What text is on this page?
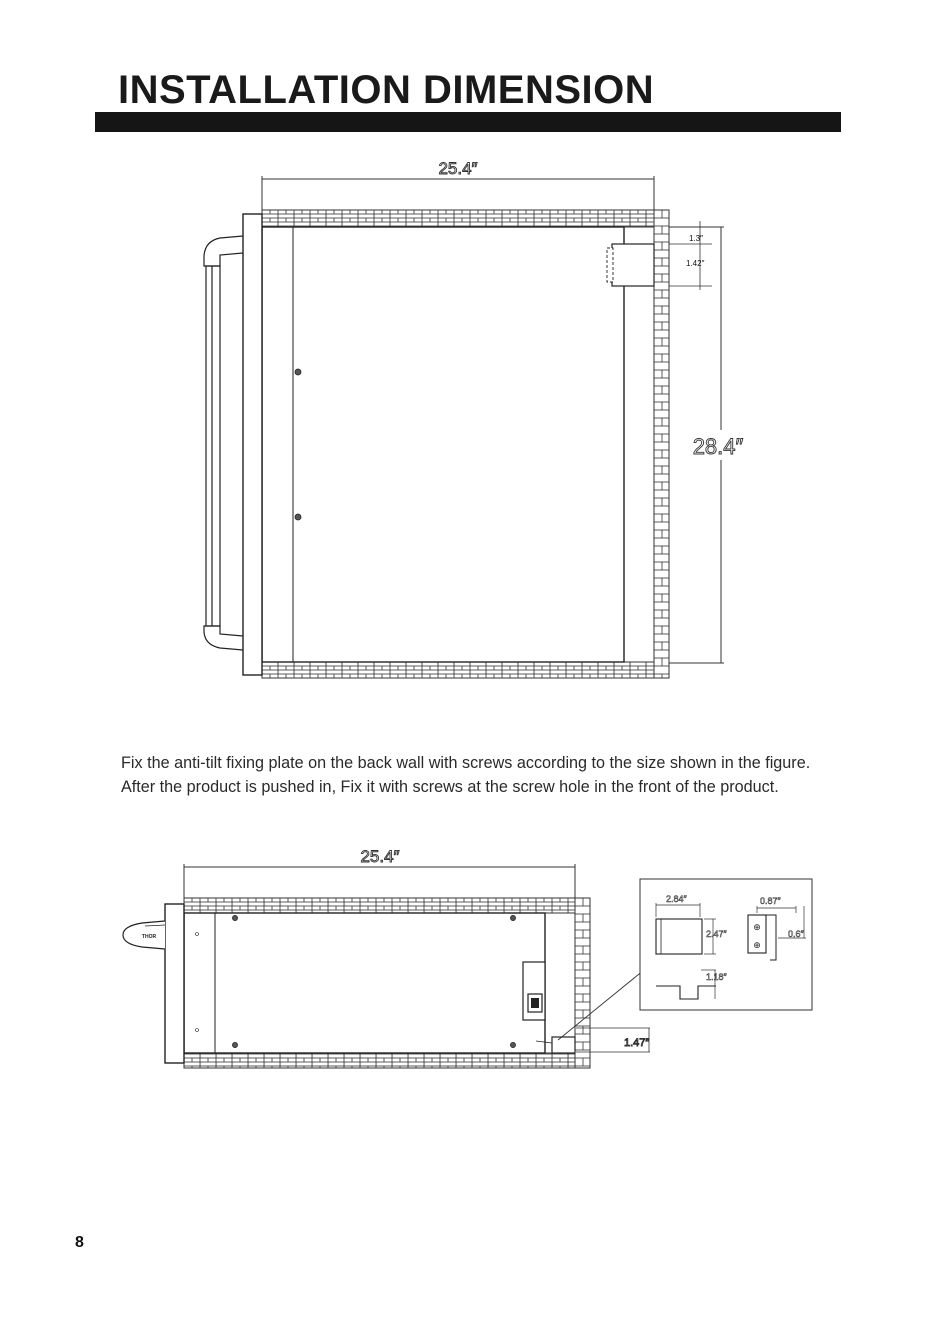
INSTALLATION DIMENSION
25.4″
1.3″
1.42″
28.4″

Fix the anti-tilt fixing plate on the back wall with screws according to the size shown in the figure. After the product is pushed in, Fix it with screws at the screw hole in the front of the product.

25.4″
THOR
1.47″
⊕
⊕
2.84″
2.47″
1.18″
0.87″
0.6″
8
